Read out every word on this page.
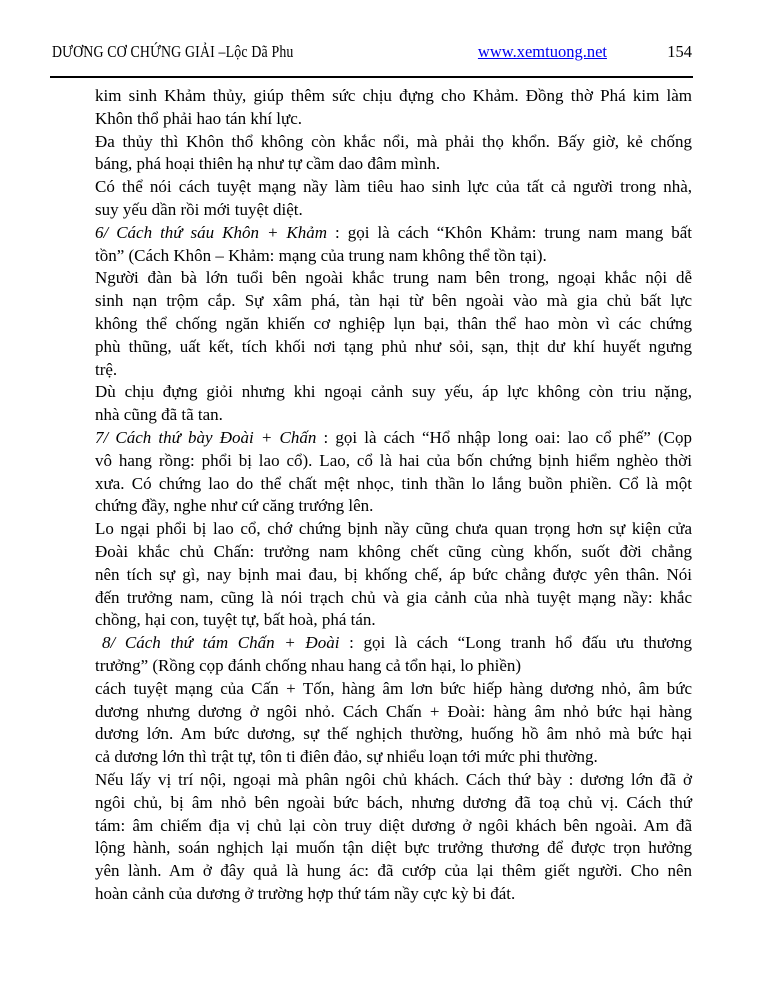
DƯƠNG CƠ CHỨNG GIẢI –Lộc Dã Phu	www.xemtuong.net	154
kim sinh Khảm thủy, giúp thêm sức chịu đựng cho Khảm. Đồng thờ Phá kim làm
Khôn thổ phải hao tán khí lực.
Đa thủy thì Khôn thổ không còn khắc nổi, mà phải thọ khổn. Bấy giờ, kẻ chống
báng, phá hoại thiên hạ như tự cầm dao đâm mình.
Có thể nói cách tuyệt mạng nầy làm tiêu hao sinh lực của tất cả người trong nhà,
suy yếu dần rồi mới tuyệt diệt.
6/ Cách thứ sáu Khôn + Khảm : gọi là cách “Khôn Khảm: trung nam mang bất
tồn” (Cách Khôn – Khảm: mạng của trung nam không thể tồn tại).
Người đàn bà lớn tuổi bên ngoài khắc trung nam bên trong, ngoại khắc nội dễ
sinh nạn trộm cắp. Sự xâm phá, tàn hại từ bên ngoài vào mà gia chủ bất lực
không thể chống ngăn khiến cơ nghiệp lụn bại, thân thể hao mòn vì các chứng
phù thũng, uất kết, tích khối nơi tạng phủ như sỏi, sạn, thịt dư khí huyết ngưng
trệ.
Dù chịu đựng giỏi nhưng khi ngoại cảnh suy yếu, áp lực không còn triu nặng,
nhà cũng đã tã tan.
7/ Cách thứ bày Đoài + Chấn : gọi là cách “Hổ nhập long oai: lao cổ phế” (Cọp
vô hang rồng: phổi bị lao cổ). Lao, cổ là hai của bốn chứng bịnh hiểm nghèo thời
xưa. Có chứng lao do thể chất mệt nhọc, tinh thần lo lắng buồn phiền. Cổ là một
chứng đầy, nghe như cứ căng trướng lên.
Lo ngại phổi bị lao cổ, chớ chứng bịnh nầy cũng chưa quan trọng hơn sự kiện cửa
Đoài khắc chủ Chấn: trưởng nam không chết cũng cùng khốn, suốt đời chẳng
nên tích sự gì, nay bịnh mai đau, bị khống chế, áp bức chẳng được yên thân. Nói
đến trưởng nam, cũng là nói trạch chủ và gia cảnh của nhà tuyệt mạng nầy: khắc
chồng, hại con, tuyệt tự, bất hoà, phá tán.
8/ Cách thứ tám Chấn + Đoài : gọi là cách “Long tranh hổ đấu ưu thương
trưởng” (Rồng cọp đánh chống nhau hang cả tổn hại, lo phiền)
cách tuyệt mạng của Cấn + Tốn, hàng âm lơn bức hiếp hàng dương nhỏ, âm bức
dương nhưng dương ở ngôi nhỏ. Cách Chấn + Đoài: hàng âm nhỏ bức hại hàng
dương lớn. Am bức dương, sự thế nghịch thường, huống hồ âm nhỏ mà bức hại
cả dương lớn thì trật tự, tôn ti điên đảo, sự nhiểu loạn tới mức phi thường.
Nếu lấy vị trí nội, ngoại mà phân ngôi chủ khách. Cách thứ bày : dương lớn đã ở
ngôi chủ, bị âm nhỏ bên ngoài bức bách, nhưng dương đã toạ chủ vị. Cách thứ
tám: âm chiếm địa vị chủ lại còn truy diệt dương ở ngôi khách bên ngoài. Am đã
lộng hành, soán nghịch lại muốn tận diệt bực trưởng thương để được trọn hưởng
yên lành. Am ở đây quả là hung ác: đã cướp của lại thêm giết người. Cho nên
hoàn cảnh của dương ở trường hợp thứ tám nầy cực kỳ bi đát.
